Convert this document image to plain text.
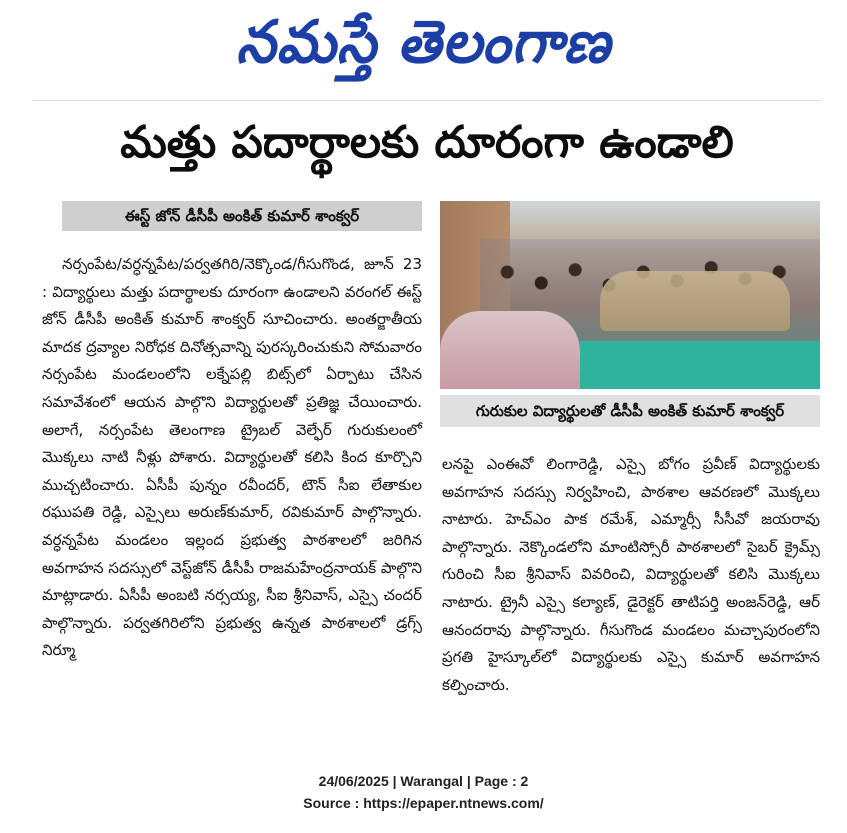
నమస్తే తెలంగాణ
మత్తు పదార్థాలకు దూరంగా ఉండాలి
ఈస్ట్ జోన్ డీసీపీ అంకిత్ కుమార్ శాంక్వర్

నర్సంపేట/వర్ధన్నపేట/పర్వతగిరి/నెక్కొండ/గీసుగొండ, జూన్ 23 : విద్యార్థులు మత్తు పదార్థాలకు దూరంగా ఉండాలని వరంగల్ ఈస్ట్ జోన్ డీసీపీ అంకిత్ కుమార్ శాంక్వర్ సూచించారు. అంతర్జాతీయ మాదక ద్రవ్యాల నిరోధక దినోత్సవాన్ని పురస్కరించుకుని సోమవారం నర్సంపేట మండలంలోని లక్నేపల్లి బిట్స్‌లో ఏర్పాటు చేసిన సమావేశంలో ఆయన పాల్గొని విద్యార్థులతో ప్రతిజ్ఞ చేయించారు. అలాగే, నర్సంపేట తెలంగాణ ట్రైబల్ వెల్ఫేర్ గురుకులంలో మొక్కలు నాటి నీళ్లు పోశారు. విద్యార్థులతో కలిసి కింద కూర్చొని ముచ్చటించారు. ఏసీపీ పున్నం రవీందర్, టౌన్ సీఐ లేతాకుల రఘుపతి రెడ్డి, ఎస్సైలు అరుణ్‌కుమార్, రవికుమార్ పాల్గొన్నారు. వర్ధన్నపేట మండలం ఇల్లంద ప్రభుత్వ పాఠశాలలో జరిగిన అవగాహన సదస్సులో వెస్ట్‌జోన్ డీసీపీ రాజమహేంద్రనాయక్ పాల్గొని మాట్లాడారు. ఏసీపీ అంబటి నర్సయ్య, సీఐ శ్రీనివాస్, ఎస్సై చందర్ పాల్గొన్నారు. పర్వతగిరిలోని ప్రభుత్వ ఉన్నత పాఠశాలలో డ్రగ్స్ నిర్మూ

గురుకుల విద్యార్థులతో డీసీపీ అంకిత్ కుమార్ శాంక్వర్

లనపై ఎంఈవో లింగారెడ్డి, ఎస్సై బోగం ప్రవీణ్ విద్యార్థులకు అవగాహన సదస్సు నిర్వహించి, పాఠశాల ఆవరణలో మొక్కలు నాటారు. హెచ్‌ఎం పాక రమేశ్, ఎమ్మార్సీ సీసీవో జయరావు పాల్గొన్నారు. నెక్కొండలోని మాంటిస్సోరీ పాఠశాలలో సైబర్ క్రైమ్స్ గురించి సీఐ శ్రీనివాస్ వివరించి, విద్యార్థులతో కలిసి మొక్కలు నాటారు. ట్రైనీ ఎస్సై కల్యాణ్, డైరెక్టర్ తాటిపర్తి అంజన్‌రెడ్డి, ఆర్ ఆనందరావు పాల్గొన్నారు. గీసుగొండ మండలం మచ్చాపురంలోని ప్రగతి హైస్కూల్‌లో విద్యార్థులకు ఎస్సై కుమార్ అవగాహన కల్పించారు.

24/06/2025 | Warangal | Page : 2
Source : https://epaper.ntnews.com/
